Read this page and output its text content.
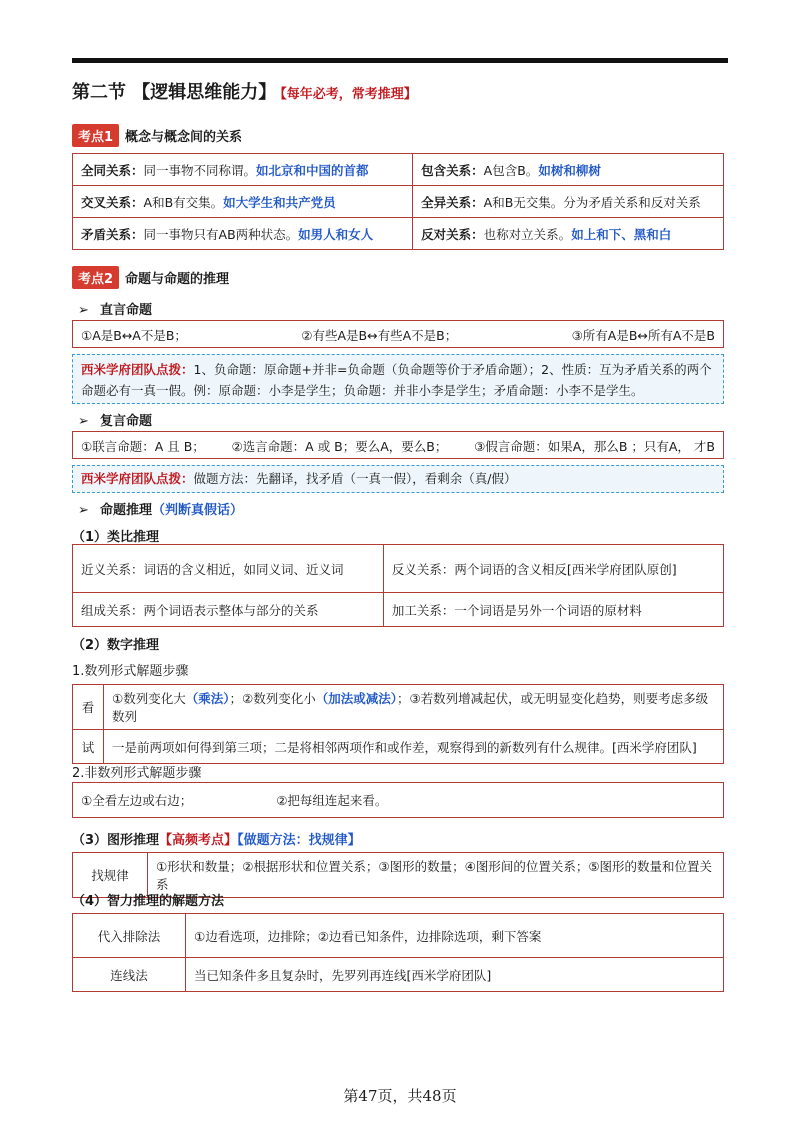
第二节 【逻辑思维能力】 【每年必考，常考推理】
考点1 概念与概念间的关系
全同关系：同一事物不同称谓。如北京和中国的首都	包含关系：A包含B。如树和柳树
交叉关系：A和B有交集。如大学生和共产党员	全异关系：A和B无交集。分为矛盾关系和反对关系
矛盾关系：同一事物只有AB两种状态。如男人和女人	反对关系：也称对立关系。如上和下、黑和白
考点2 命题与命题的推理
➢ 直言命题
①A是B↔A不是B；	②有些A是B↔有些A不是B；	③所有A是B↔所有A不是B
西米学府团队点拨：1、负命题：原命题+并非=负命题（负命题等价于矛盾命题）；2、性质：互为矛盾关系的两个命题必有一真一假。例：原命题：小李是学生；负命题：并非小李是学生；矛盾命题：小李不是学生。
➢ 复言命题
①联言命题：A 且 B； ②选言命题：A 或 B；要么A，要么B； ③假言命题：如果A，那么B ；只有A， 才B
西米学府团队点拨：做题方法：先翻译，找矛盾（一真一假），看剩余（真/假）
➢ 命题推理（判断真假话）
（1）类比推理
近义关系：词语的含义相近，如同义词、近义词	反义关系：两个词语的含义相反[西米学府团队原创]
组成关系：两个词语表示整体与部分的关系	加工关系：一个词语是另外一个词语的原材料
（2）数字推理
1.数列形式解题步骤
看	①数列变化大（乘法）；②数列变化小（加法或减法）；③若数列增减起伏，或无明显变化趋势，则要考虑多级数列
试	一是前两项如何得到第三项；二是将相邻两项作和或作差，观察得到的新数列有什么规律。[西米学府团队]
2.非数列形式解题步骤
①全看左边或右边；	②把每组连起来看。
（3）图形推理【高频考点】【做题方法：找规律】
找规律	①形状和数量；②根据形状和位置关系；③图形的数量；④图形间的位置关系；⑤图形的数量和位置关系
（4）智力推理的解题方法
代入排除法	①边看选项，边排除；②边看已知条件，边排除选项，剩下答案
连线法	当已知条件多且复杂时，先罗列再连线[西米学府团队]
第47页，共48页
